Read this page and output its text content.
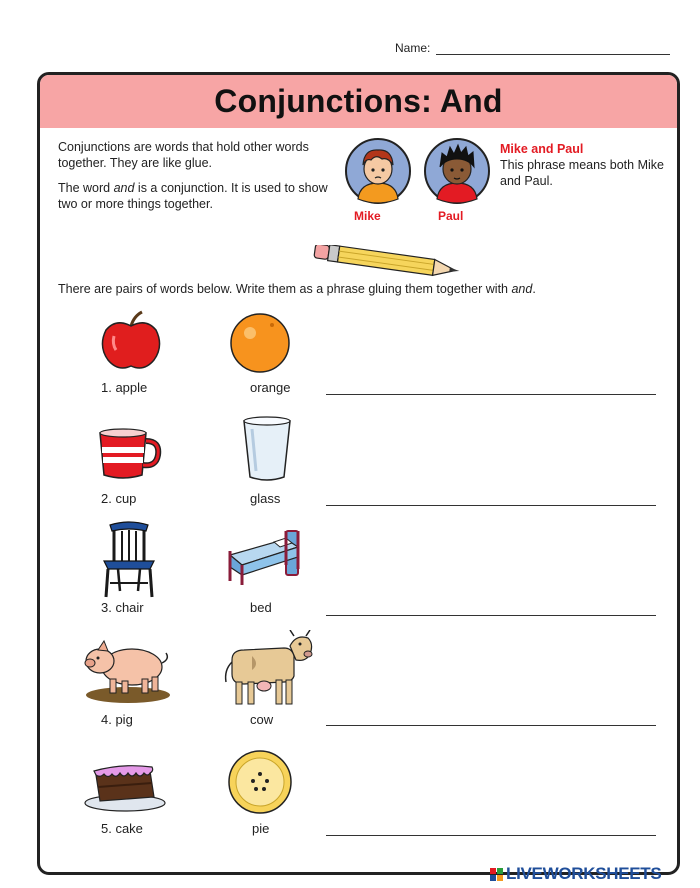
Name:
Conjunctions: And

Conjunctions are words that hold other words together. They are like glue.

The word and is a conjunction. It is used to show two or more things together.

Mike	Paul
Mike and Paul
This phrase means both Mike and Paul.

There are pairs of words below. Write them as a phrase gluing them together with and.

1. apple	orange
2. cup	glass
3. chair	bed
4. pig	cow
5. cake	pie
LIVEWORKSHEETS
